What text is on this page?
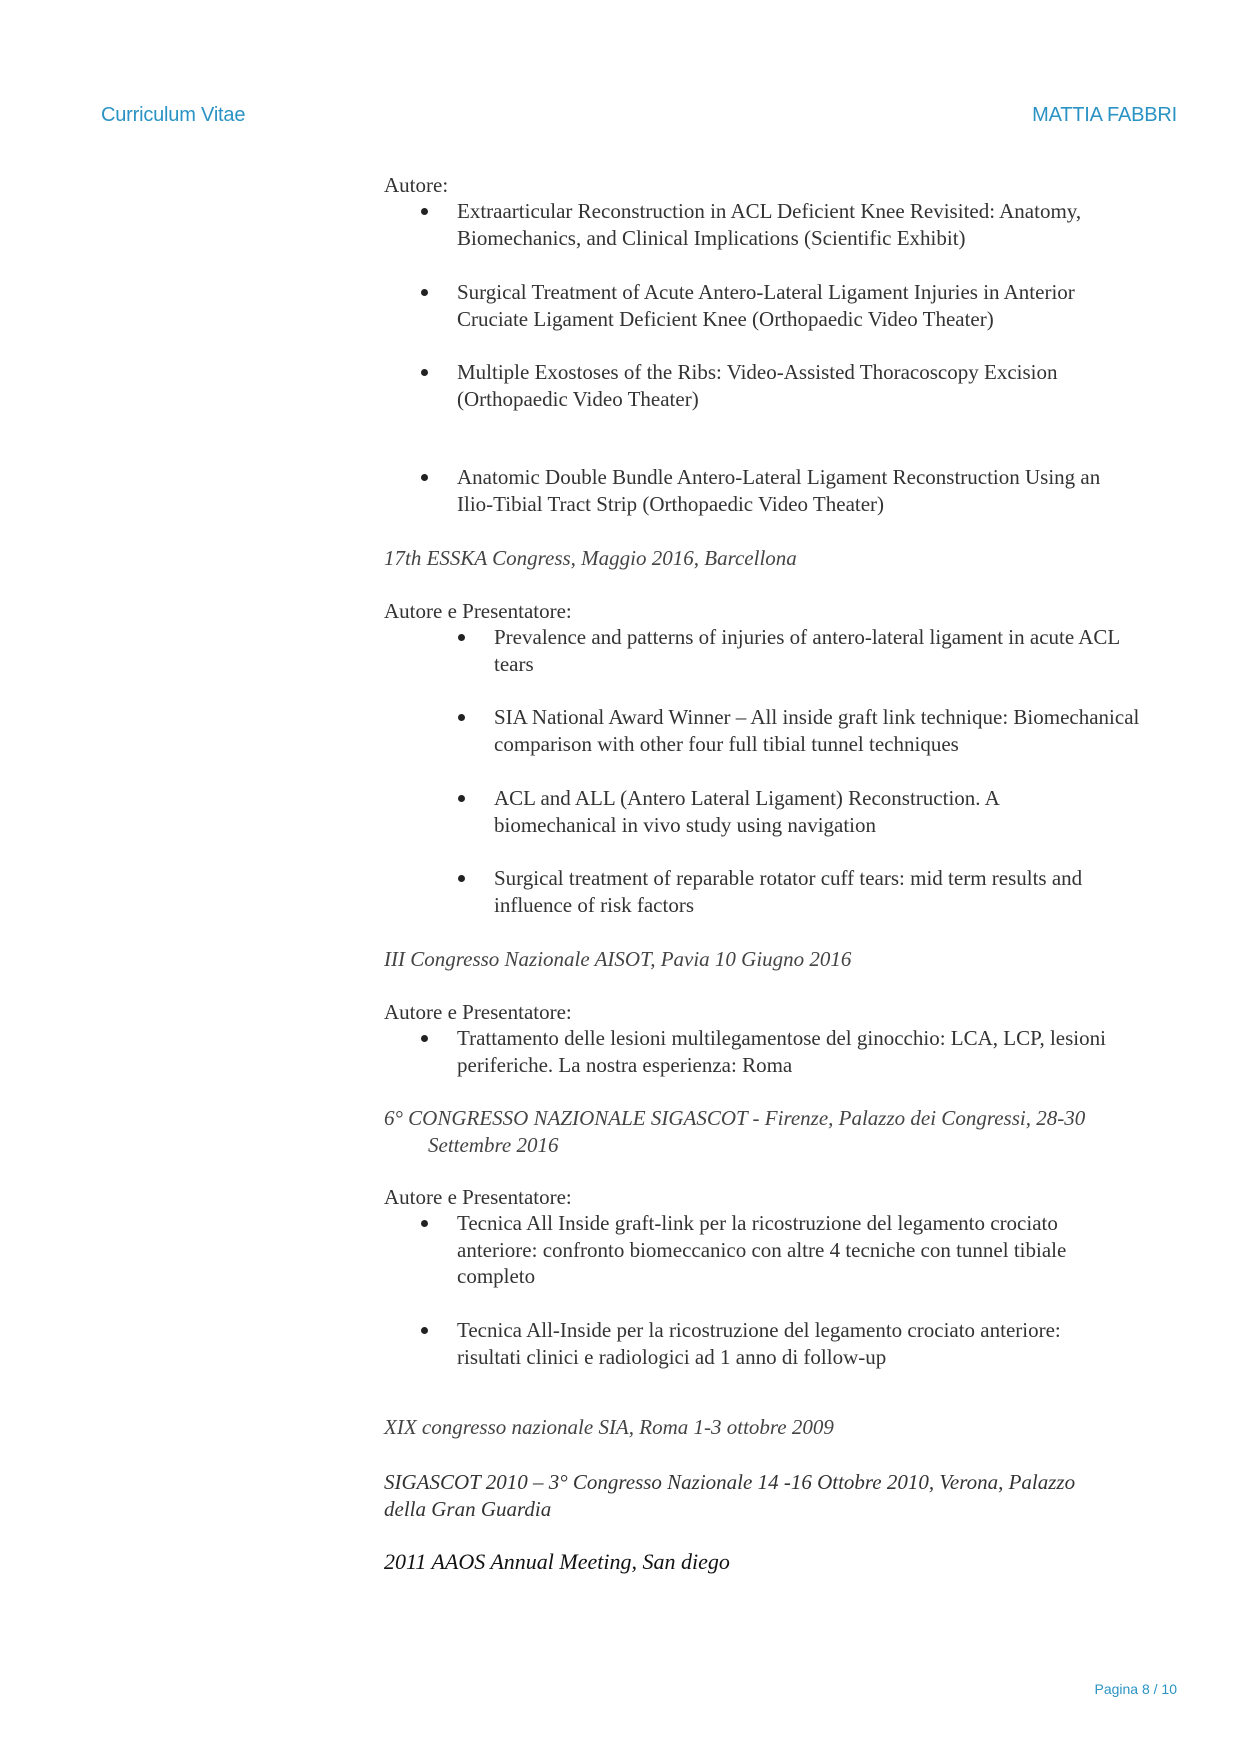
Curriculum Vitae	MATTIA FABBRI
Autore:
Extraarticular Reconstruction in ACL Deficient Knee Revisited: Anatomy, Biomechanics, and Clinical Implications (Scientific Exhibit)
Surgical Treatment of Acute Antero-Lateral Ligament Injuries in Anterior Cruciate Ligament Deficient Knee (Orthopaedic Video Theater)
Multiple Exostoses of the Ribs: Video-Assisted Thoracoscopy Excision (Orthopaedic Video Theater)
Anatomic Double Bundle Antero-Lateral Ligament Reconstruction Using an Ilio-Tibial Tract Strip (Orthopaedic Video Theater)
17th ESSKA Congress, Maggio 2016, Barcellona
Autore e Presentatore:
Prevalence and patterns of injuries of antero-lateral ligament in acute ACL tears
SIA National Award Winner – All inside graft link technique: Biomechanical comparison with other four full tibial tunnel techniques
ACL and ALL (Antero Lateral Ligament) Reconstruction. A biomechanical in vivo study using navigation
Surgical treatment of reparable rotator cuff tears: mid term results and influence of risk factors
III Congresso Nazionale AISOT, Pavia 10 Giugno 2016
Autore e Presentatore:
Trattamento delle lesioni multilegamentose del ginocchio: LCA, LCP, lesioni periferiche. La nostra esperienza: Roma
6° CONGRESSO NAZIONALE SIGASCOT - Firenze, Palazzo dei Congressi, 28-30
Settembre 2016
Autore e Presentatore:
Tecnica All Inside graft-link per la ricostruzione del legamento crociato anteriore: confronto biomeccanico con altre 4 tecniche con tunnel tibiale completo
Tecnica All-Inside per la ricostruzione del legamento crociato anteriore: risultati clinici e radiologici ad 1 anno di follow-up
XIX congresso nazionale SIA, Roma 1-3 ottobre 2009
SIGASCOT 2010 – 3° Congresso Nazionale 14 -16 Ottobre 2010, Verona, Palazzo della Gran Guardia
2011 AAOS Annual Meeting, San diego
Pagina 8 / 10
